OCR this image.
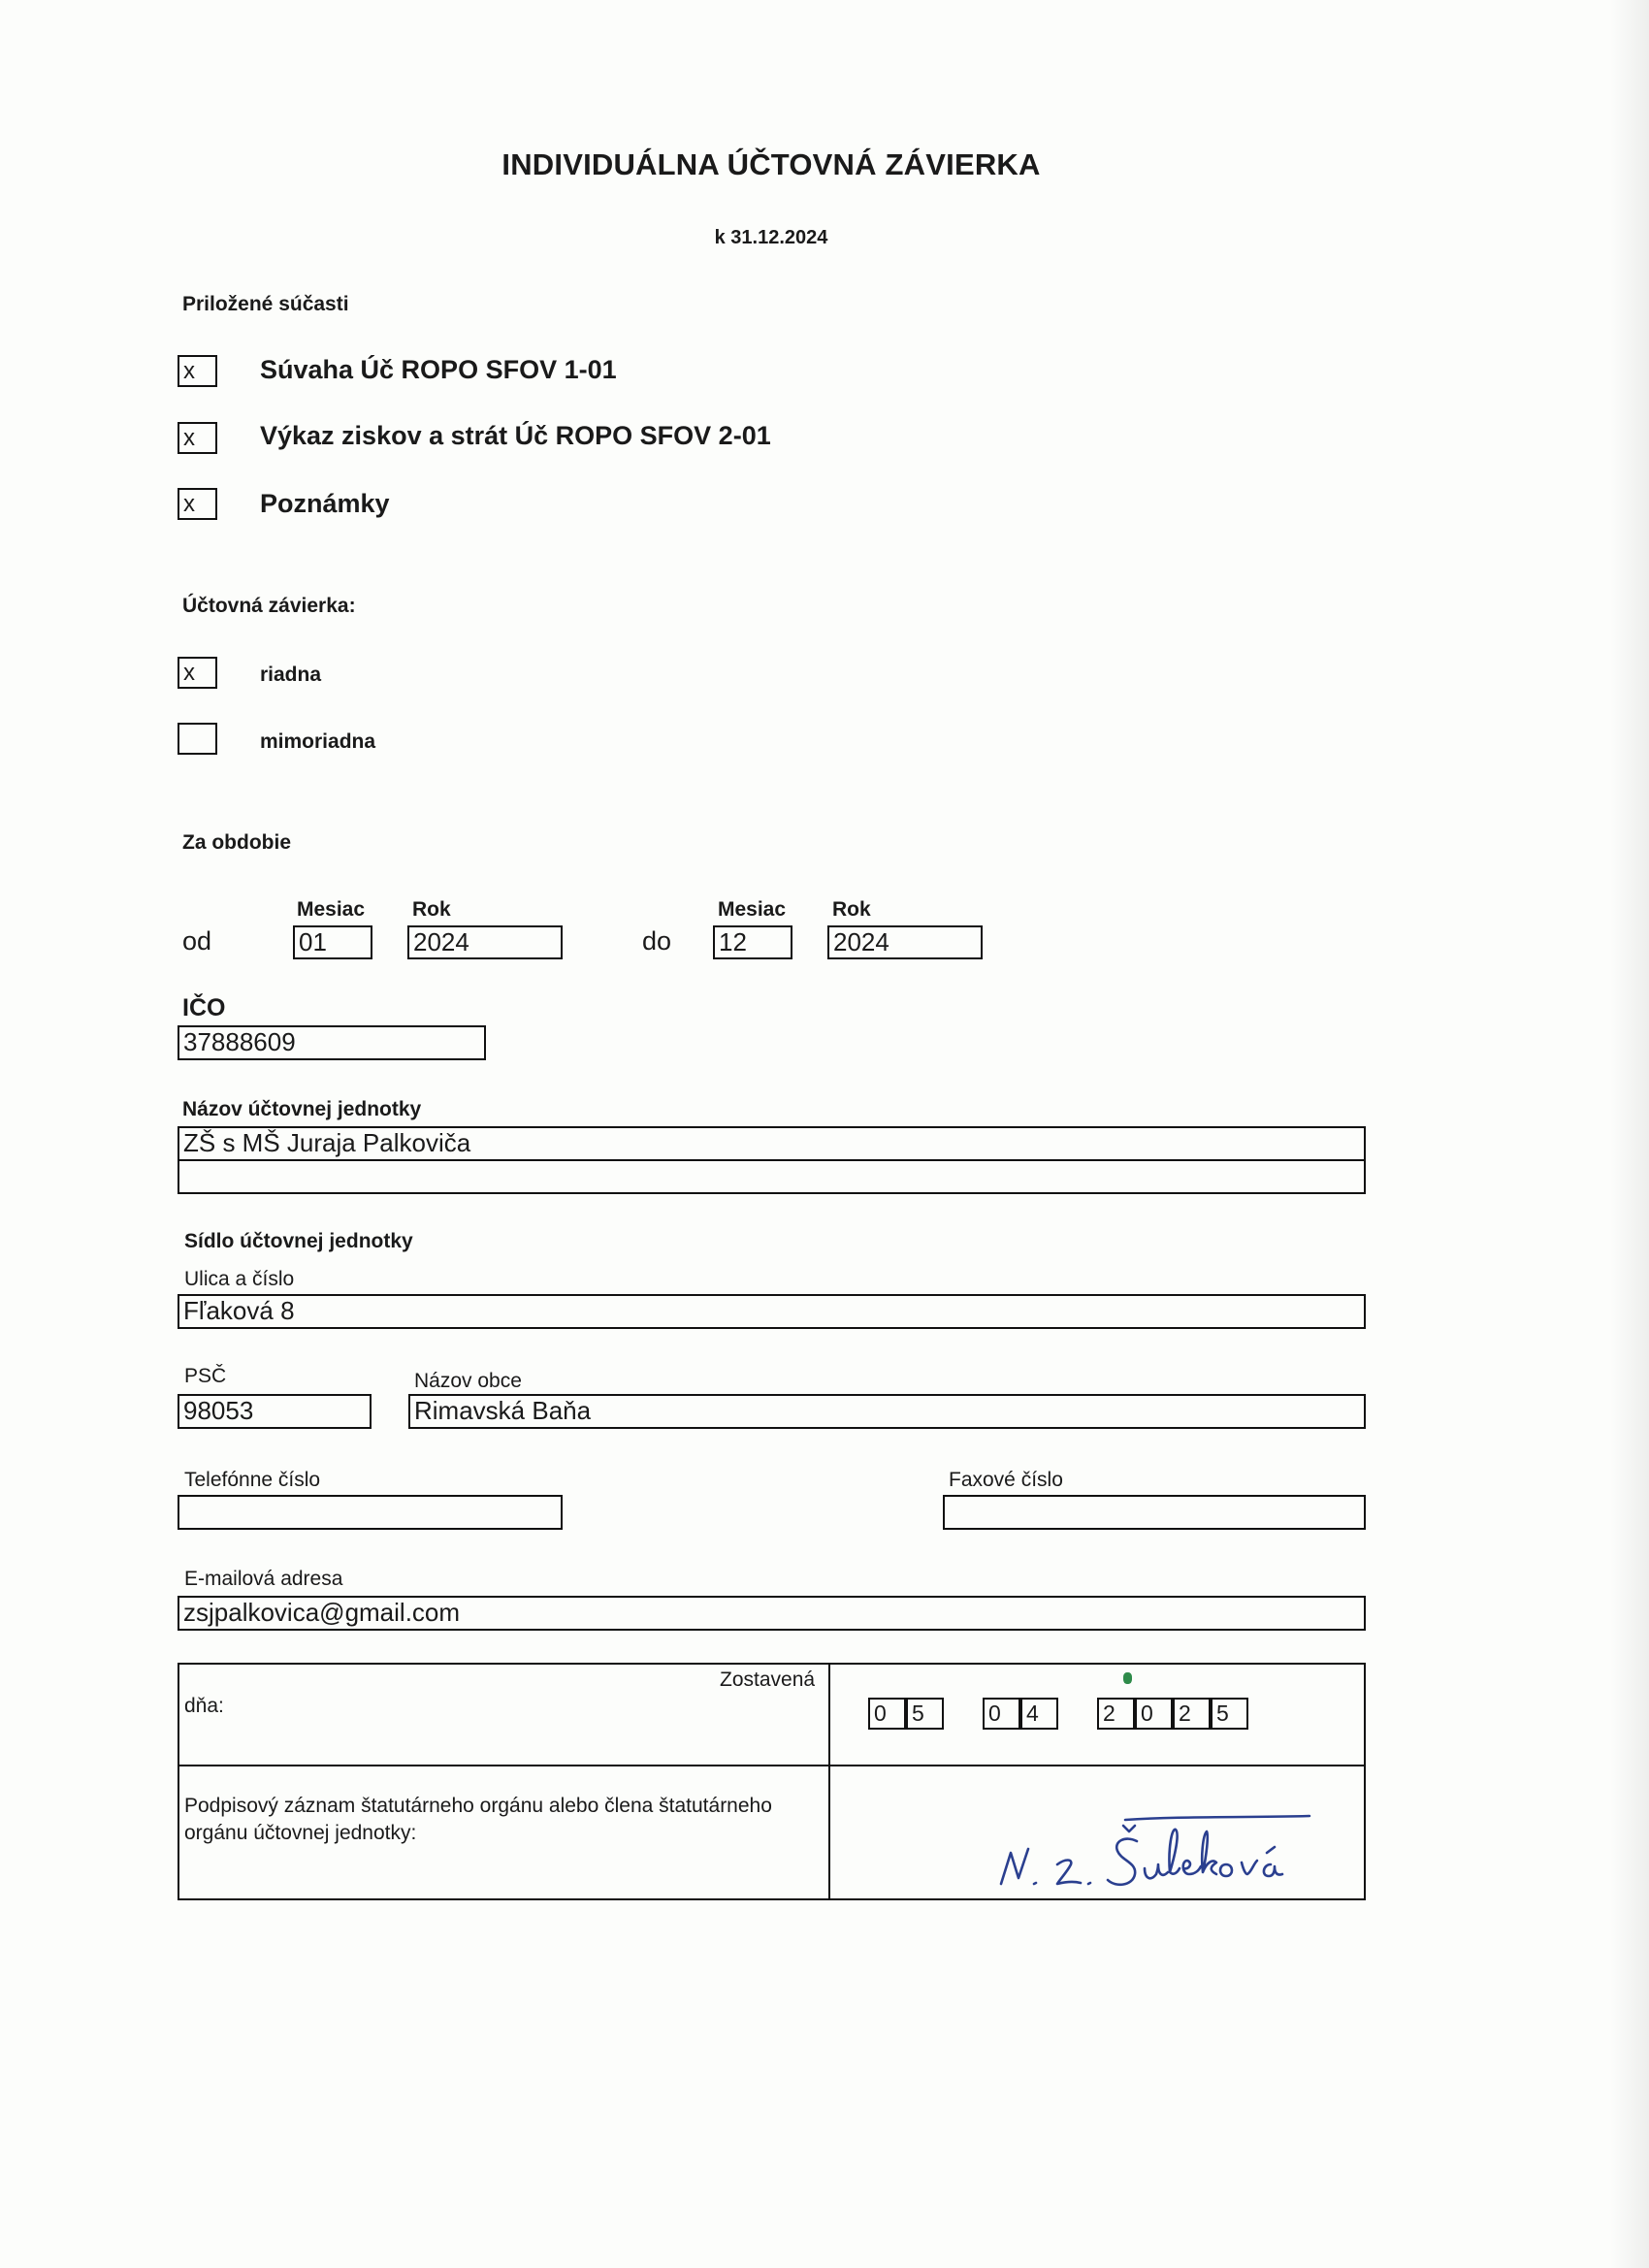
INDIVIDUÁLNA ÚČTOVNÁ ZÁVIERKA
k 31.12.2024
Priložené súčasti
x	Súvaha Úč ROPO SFOV 1-01
x	Výkaz ziskov a strát Úč ROPO SFOV 2-01
x	Poznámky
Účtovná závierka:
x	riadna
mimoriadna
Za obdobie
Mesiac Rok	Mesiac Rok
od	01	2024	do 12	2024
IČO
37888609
Názov účtovnej jednotky
ZŠ s MŠ Juraja Palkoviča
Sídlo účtovnej jednotky
Ulica a číslo
Fľaková 8
PSČ	Názov obce
98053	Rimavská Baňa
Telefónne číslo	Faxové číslo
E-mailová adresa
zsjpalkovica@gmail.com
Zostavená
dňa:	0	5	0	4	2	0	2	5
Podpisový záznam štatutárneho orgánu alebo člena štatutárneho
orgánu účtovnej jednotky:
